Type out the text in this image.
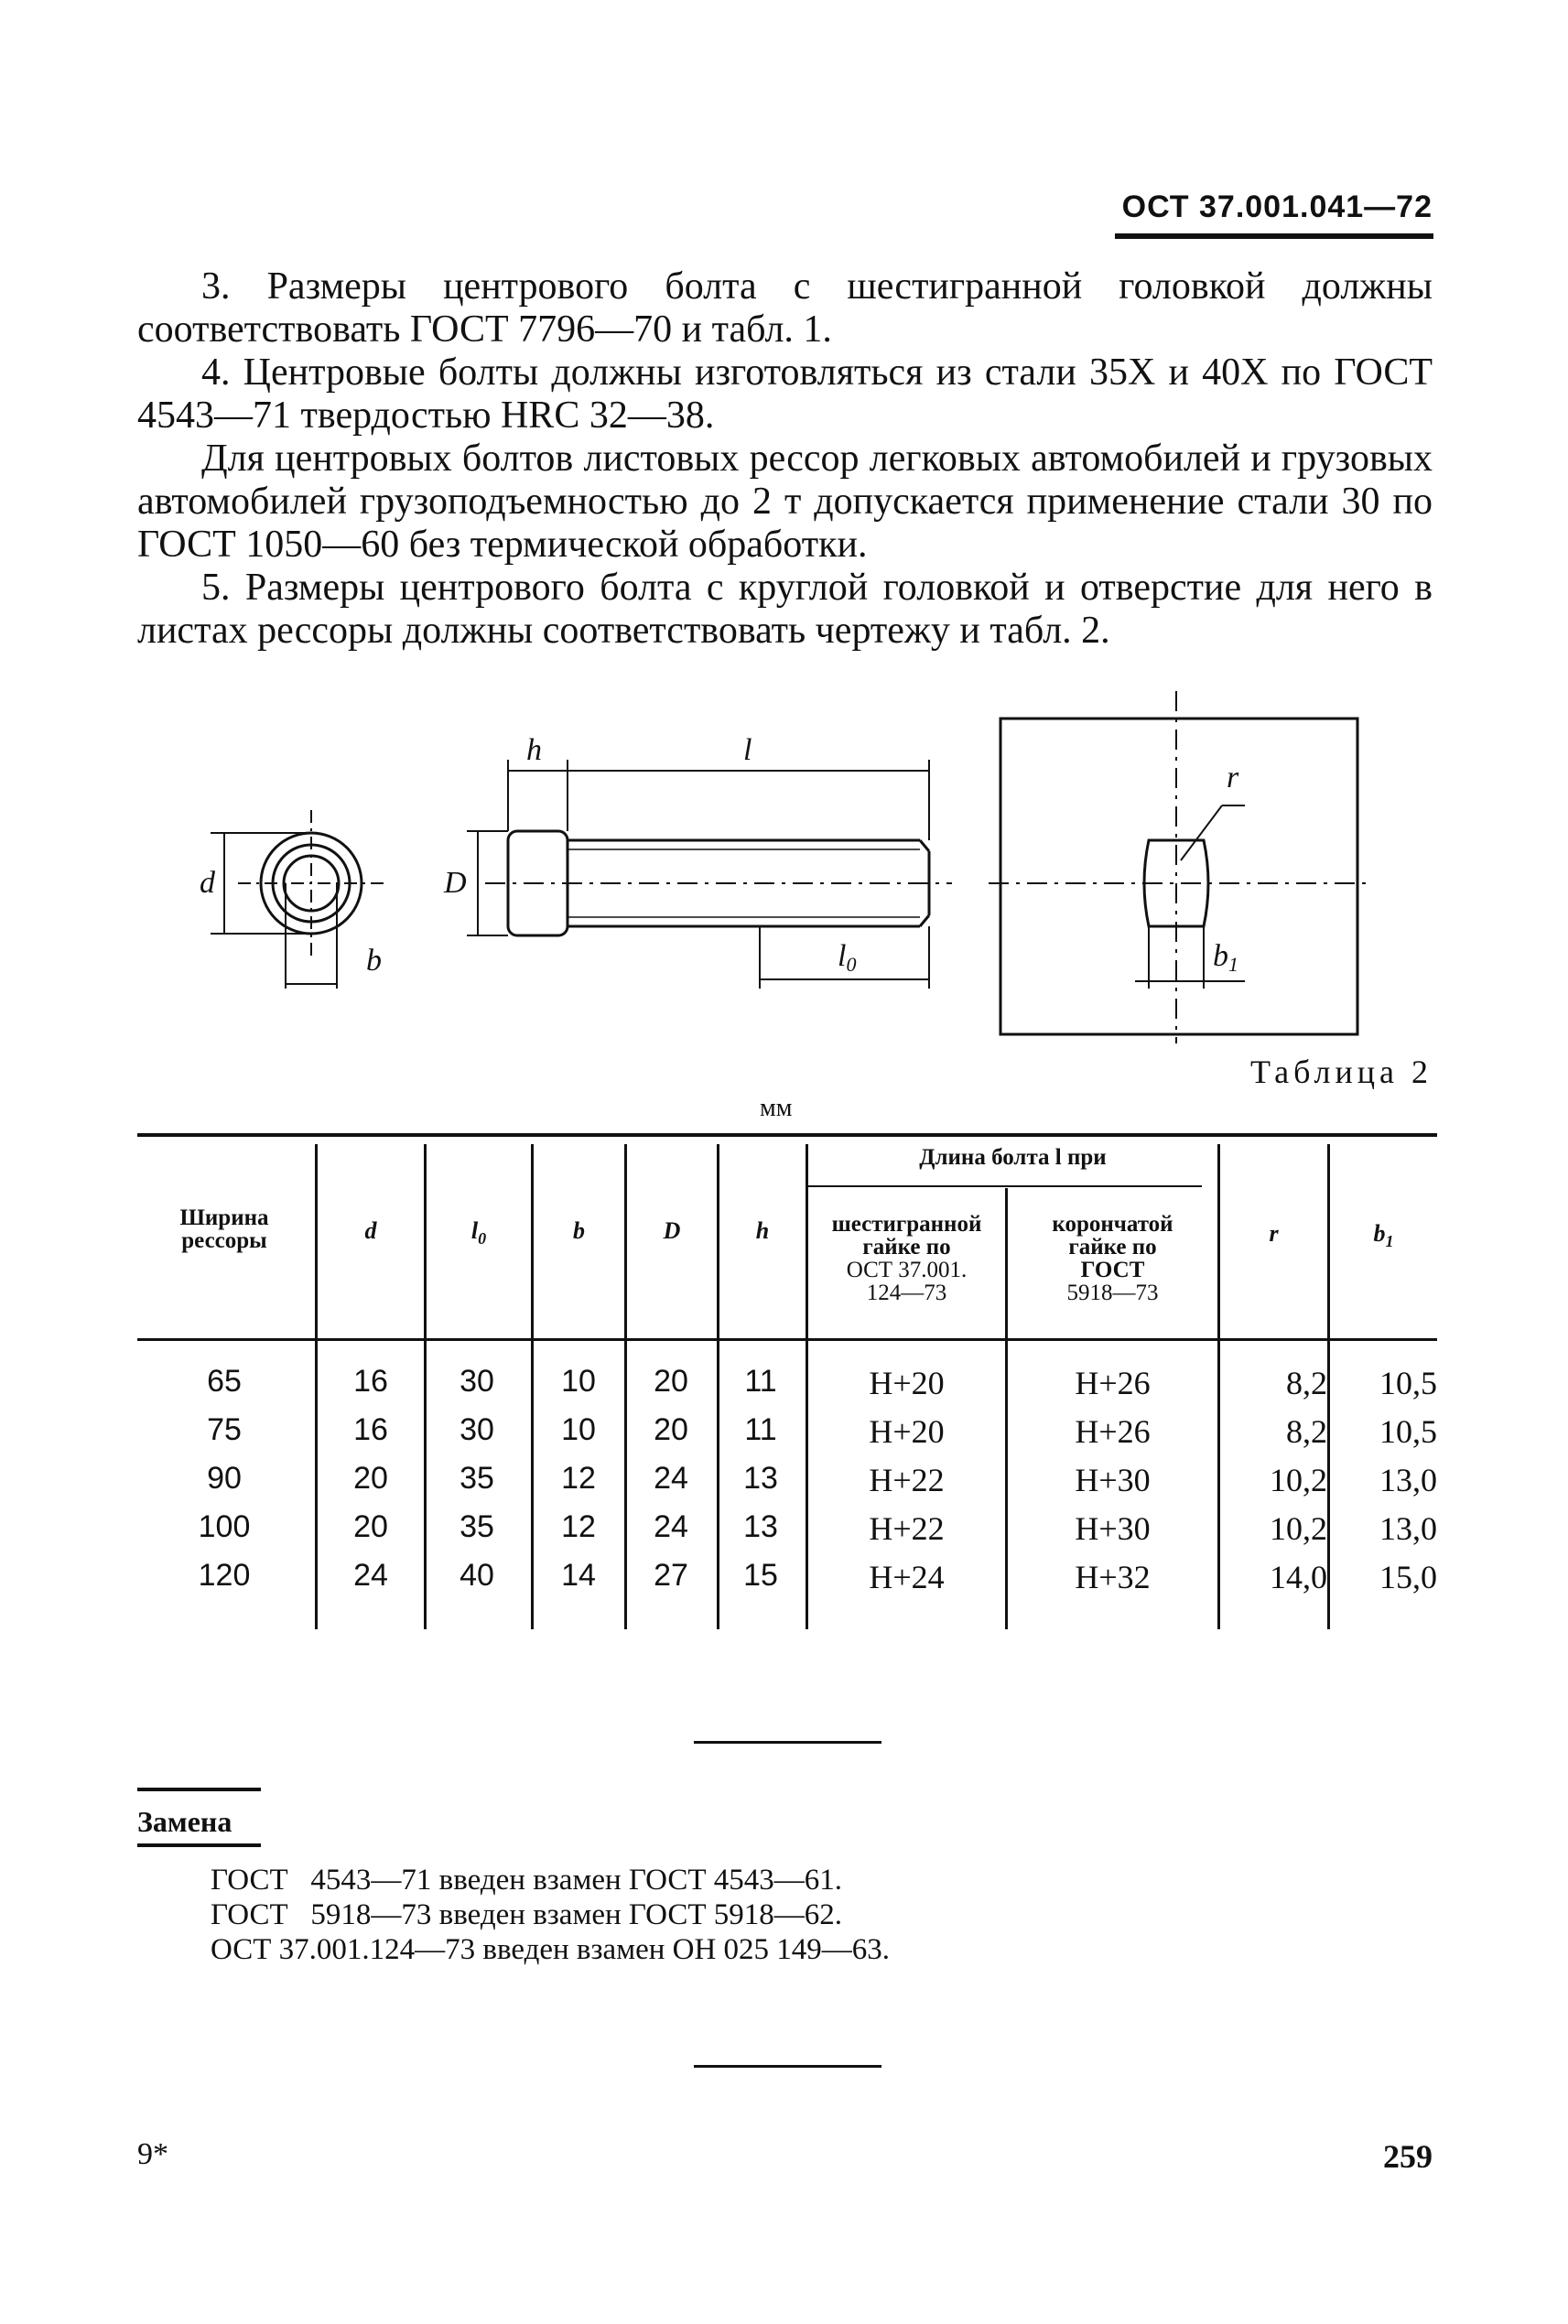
ОСТ 37.001.041—72

3. Размеры центрового болта с шестигранной головкой должны соответствовать ГОСТ 7796—70 и табл. 1.

4. Центровые болты должны изготовляться из стали 35Х и 40Х по ГОСТ 4543—71 твердостью HRC 32—38.

Для центровых болтов листовых рессор легковых автомобилей и грузовых автомобилей грузоподъемностью до 2 т допускается применение стали 30 по ГОСТ 1050—60 без термической обработки.

5. Размеры центрового болта с круглой головкой и отверстие для него в листах рессоры должны соответствовать чертежу и табл. 2.

d
b
h	l
D
l0
r
b1
Таблица 2
мм
Ширина
рессоры	d	$l_0$	b	D	h
Длина болта l при
шестигранной
гайке по
ОСТ 37.001.
124—73
корончатой
гайке по
ГОСТ
5918—73
r	$b_1$
65	16	30	10	20	11	H+20	H+26	8,2	10,5
75	16	30	10	20	11	H+20	H+26	8,2	10,5
90	20	35	12	24	13	H+22	H+30	10,2	13,0
100	20	35	12	24	13	H+22	H+30	10,2	13,0
120	24	40	14	27	15	H+24	H+32	14,0	15,0
Замена
ГОСТ   4543—71 введен взамен ГОСТ 4543—61.
ГОСТ   5918—73 введен взамен ГОСТ 5918—62.
ОСТ 37.001.124—73 введен взамен ОН 025 149—63.
9*	259
